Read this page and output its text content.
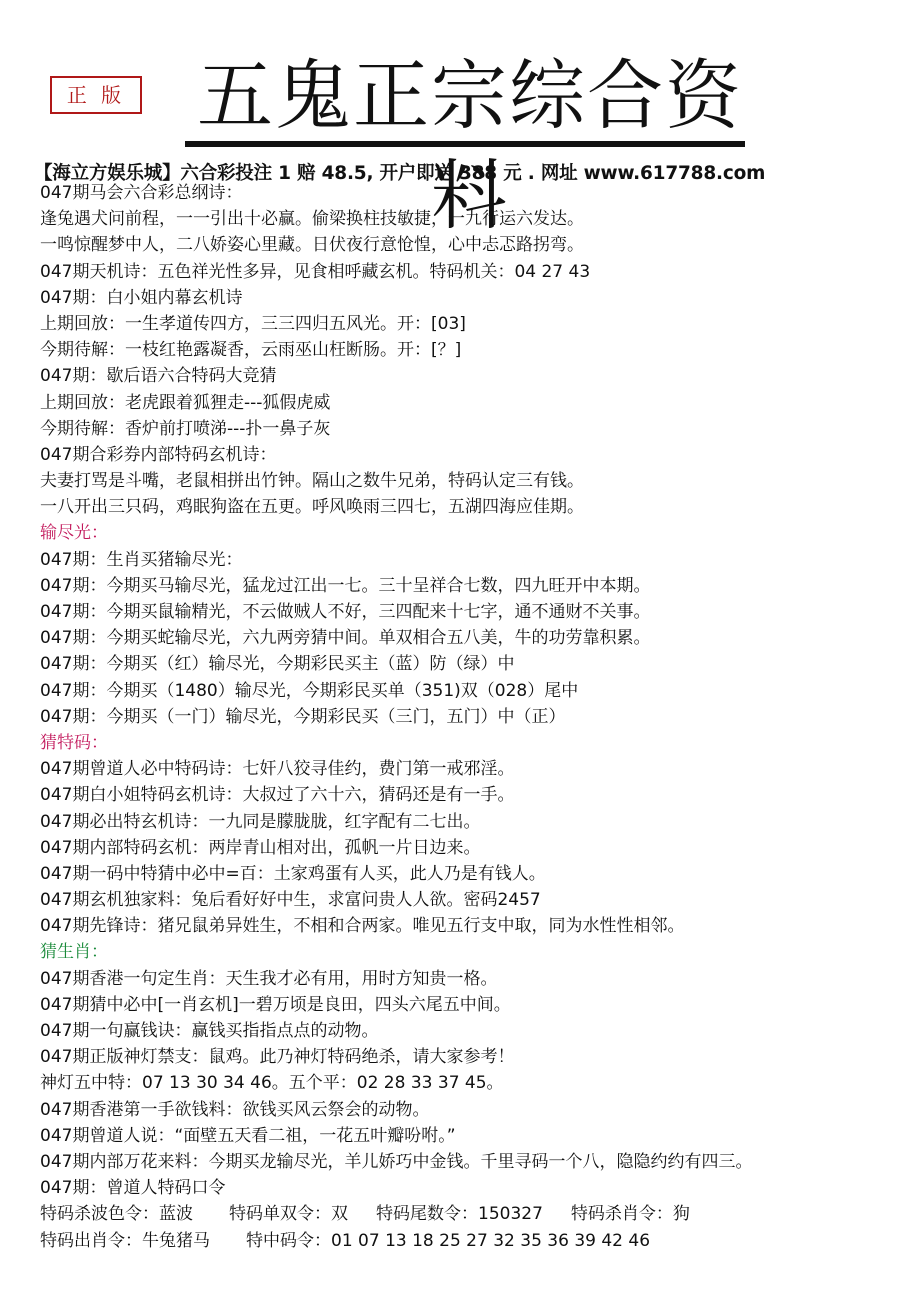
正 版 五鬼正宗综合资料
【海立方娱乐城】六合彩投注 1 赔 48.5, 开户即送 388 元 . 网址 www.617788.com
047期马会六合彩总纲诗：
逢兔遇犬问前程，一一引出十必赢。偷梁换柱技敏捷，一九行运六发达。
一鸣惊醒梦中人，二八娇姿心里藏。日伏夜行意怆惶，心中忐忑路拐弯。
047期天机诗：五色祥光性多异，见食相呼藏玄机。特码机关：04 27 43
047期：白小姐内幕玄机诗
上期回放：一生孝道传四方，三三四归五风光。开：[03]
今期待解：一枝红艳露凝香，云雨巫山枉断肠。开：[？]
047期：歇后语六合特码大竞猜
上期回放：老虎跟着狐狸走---狐假虎威
今期待解：香炉前打喷涕---扑一鼻子灰
047期合彩券内部特码玄机诗：
夫妻打骂是斗嘴，老鼠相拼出竹钟。隔山之数牛兄弟，特码认定三有钱。
一八开出三只码，鸡眠狗盗在五更。呼风唤雨三四七，五湖四海应佳期。
输尽光：
047期：生肖买猪输尽光：
047期：今期买马输尽光，猛龙过江出一七。三十呈祥合七数，四九旺开中本期。
047期：今期买鼠输精光，不云做贼人不好，三四配来十七字，通不通财不关事。
047期：今期买蛇输尽光，六九两旁猜中间。单双相合五八美，牛的功劳靠积累。
047期：今期买（红）输尽光，今期彩民买主（蓝）防（绿）中
047期：今期买（1480）输尽光，今期彩民买单（351)双（028）尾中
047期：今期买（一门）输尽光，今期彩民买（三门，五门）中（正）
猜特码：
047期曾道人必中特码诗：七奸八狡寻佳约，费门第一戒邪淫。
047期白小姐特码玄机诗：大叔过了六十六，猜码还是有一手。
047期必出特玄机诗：一九同是朦胧胧，红字配有二七出。
047期内部特码玄机：两岸青山相对出，孤帆一片日边来。
047期一码中特猜中必中=百：土家鸡蛋有人买，此人乃是有钱人。
047期玄机独家料：兔后看好好中生，求富问贵人人欲。密码2457
047期先锋诗：猪兄鼠弟异姓生，不相和合两家。唯见五行支中取，同为水性性相邻。
猜生肖：
047期香港一句定生肖：天生我才必有用，用时方知贵一格。
047期猜中必中[一肖玄机]一碧万顷是良田，四头六尾五中间。
047期一句赢钱诀：赢钱买指指点点的动物。
047期正版神灯禁支：鼠鸡。此乃神灯特码绝杀，请大家参考！
神灯五中特：07 13 30 34 46。五个平：02 28 33 37 45。
047期香港第一手欲钱料：欲钱买风云祭会的动物。
047期曾道人说：“面壁五天看二祖，一花五叶瓣吩咐。”
047期内部万花来料：今期买龙输尽光，羊儿娇巧中金钱。千里寻码一个八，隐隐约约有四三。
047期：曾道人特码口令
特码杀波色令：蓝波 特码单双令：双 特码尾数令：150327 特码杀肖令：狗
特码出肖令：牛兔猪马 特中码令：01 07 13 18 25 27 32 35 36 39 42 46
